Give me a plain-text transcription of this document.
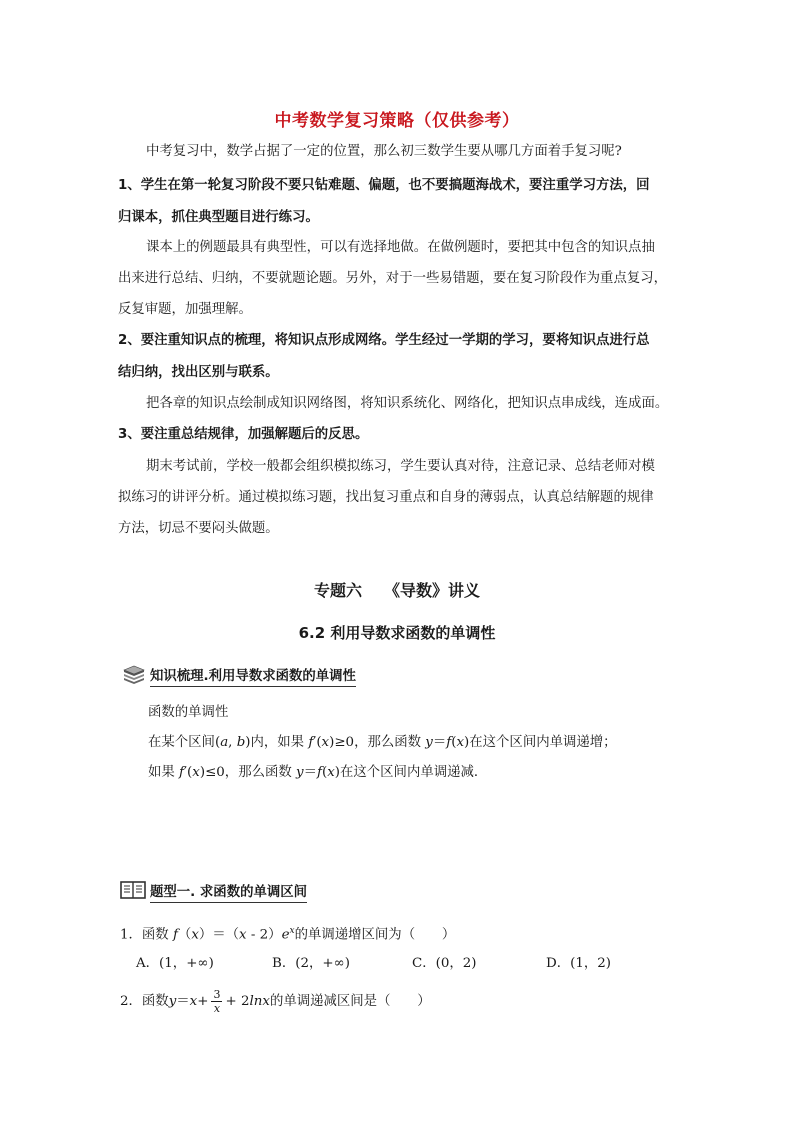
中考数学复习策略（仅供参考）
中考复习中，数学占据了一定的位置，那么初三数学生要从哪几方面着手复习呢?
1、学生在第一轮复习阶段不要只钻难题、偏题，也不要搞题海战术，要注重学习方法，回
归课本，抓住典型题目进行练习。
课本上的例题最具有典型性，可以有选择地做。在做例题时，要把其中包含的知识点抽
出来进行总结、归纳，不要就题论题。另外，对于一些易错题，要在复习阶段作为重点复习，
反复审题，加强理解。
2、要注重知识点的梳理，将知识点形成网络。学生经过一学期的学习，要将知识点进行总
结归纳，找出区别与联系。
把各章的知识点绘制成知识网络图，将知识系统化、网络化，把知识点串成线，连成面。
3、要注重总结规律，加强解题后的反思。
期末考试前，学校一般都会组织模拟练习，学生要认真对待，注意记录、总结老师对模
拟练习的讲评分析。通过模拟练习题，找出复习重点和自身的薄弱点，认真总结解题的规律
方法，切忌不要闷头做题。
专题六 《导数》讲义
6.2 利用导数求函数的单调性
知识梳理.利用导数求函数的单调性
函数的单调性
在某个区间(a, b)内，如果 f′(x)≥0，那么函数 y＝f(x)在这个区间内单调递增；
如果 f′(x)≤0，那么函数 y＝f(x)在这个区间内单调递减．
题型一. 求函数的单调区间
1．函数 $f(x)=(x - 2)e^x$的单调递增区间为（　　）
A．(1，+∞)	B．(2，+∞)	C．(0，2)	D．(1，2)
2．函数 $y = x + \frac{3}{x} + 2$ ln x 的单调递减区间是（　　）
